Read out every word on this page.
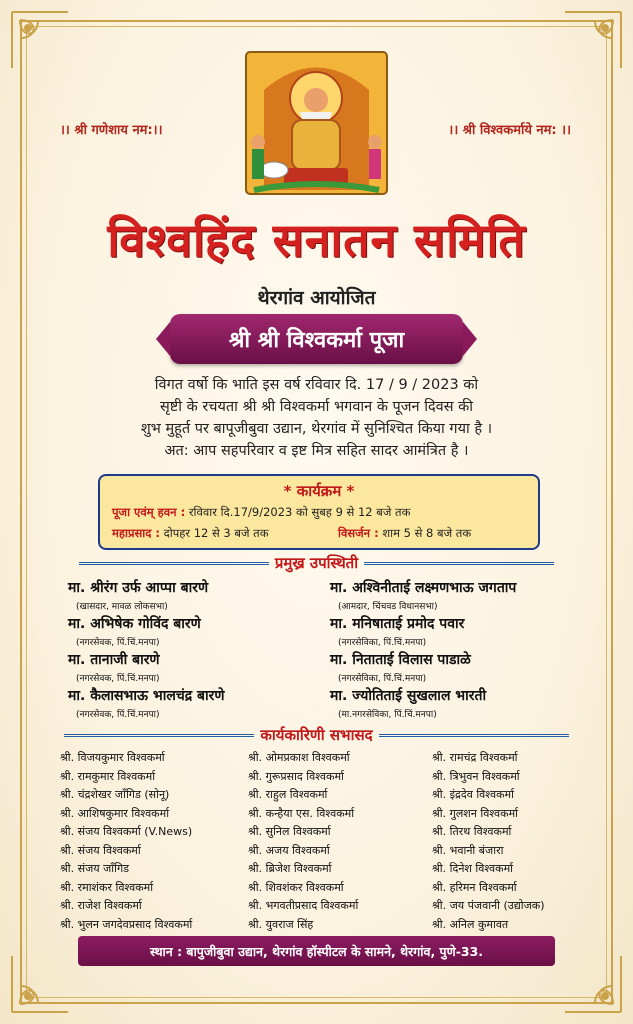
।। श्री गणेशाय नम:।।	।। श्री विश्वकर्माये नम: ।।
विश्वहिंद सनातन समिति
थेरगांव आयोजित
श्री श्री विश्वकर्मा पूजा
विगत वर्षो कि भाति इस वर्ष रविवार दि. 17 / 9 / 2023 को
सृष्टी के रचयता श्री श्री विश्वकर्मा भगवान के पूजन दिवस की
शुभ मुहूर्त पर बापूजीबुवा उद्यान, थेरगांव में सुनिश्चित किया गया है ।
अत: आप सहपरिवार व इष्ट मित्र सहित सादर आमंत्रित है ।
* कार्यक्रम *
पूजा एवंम् हवन : रविवार दि.17/9/2023 को सुबह 9 से 12 बजे तक
महाप्रसाद : दोपहर 12 से 3 बजे तक	विसर्जन : शाम 5 से 8 बजे तक
प्रमुख्र उपस्थिती
मा. श्रीरंग उर्फ आप्पा बारणे
(खासदार, मावळ लोकसभा)
मा. अश्विनीताई लक्ष्मणभाऊ जगताप
(आमदार, चिंचवड विधानसभा)
मा. अभिषेक गोविंद बारणे
(नगरसेवक, पिं.चिं.मनपा)
मा. मनिषाताई प्रमोद पवार
(नगरसेविका, पिं.चिं.मनपा)
मा. तानाजी बारणे
(नगरसेवक, पिं.चिं.मनपा)
मा. निताताई विलास पाडाळे
(नगरसेविका, पिं.चिं.मनपा)
मा. कैलासभाऊ भालचंद्र बारणे
(नगरसेवक, पिं.चिं.मनपा)
मा. ज्योतिताई सुखलाल भारती
(मा.नगरसेविका, पिं.चिं.मनपा)
कार्यकारिणी सभासद
श्री. विजयकुमार विश्वकर्मा
श्री. रामकुमार विश्वकर्मा
श्री. चंद्रशेखर जाँगिड (सोनू)
श्री. आशिषकुमार विश्वकर्मा
श्री. संजय विश्वकर्मा (V.News)
श्री. संजय विश्वकर्मा
श्री. संजय जाँगिड
श्री. रमाशंकर विश्वकर्मा
श्री. राजेश विश्वकर्मा
श्री. भुलन जगदेवप्रसाद विश्वकर्मा
श्री. ओमप्रकाश विश्वकर्मा
श्री. गुरूप्रसाद विश्वकर्मा
श्री. राहुल विश्वकर्मा
श्री. कन्हैया एस. विश्वकर्मा
श्री. सुनिल विश्वकर्मा
श्री. अजय विश्वकर्मा
श्री. ब्रिजेश विश्वकर्मा
श्री. शिवशंकर विश्वकर्मा
श्री. भगवतीप्रसाद विश्वकर्मा
श्री. युवराज सिंह
श्री. रामचंद्र विश्वकर्मा
श्री. त्रिभुवन विश्वकर्मा
श्री. इंद्रदेव विश्वकर्मा
श्री. गुलशन विश्वकर्मा
श्री. तिरथ विश्वकर्मा
श्री. भवानी बंजारा
श्री. दिनेश विश्वकर्मा
श्री. हरिमन विश्वकर्मा
श्री. जय पंजवानी (उद्योजक)
श्री. अनिल कुमावत
स्थान : बापुजीबुवा उद्यान, थेरगांव हॉस्पीटल के सामने, थेरगांव, पुणे-33.
